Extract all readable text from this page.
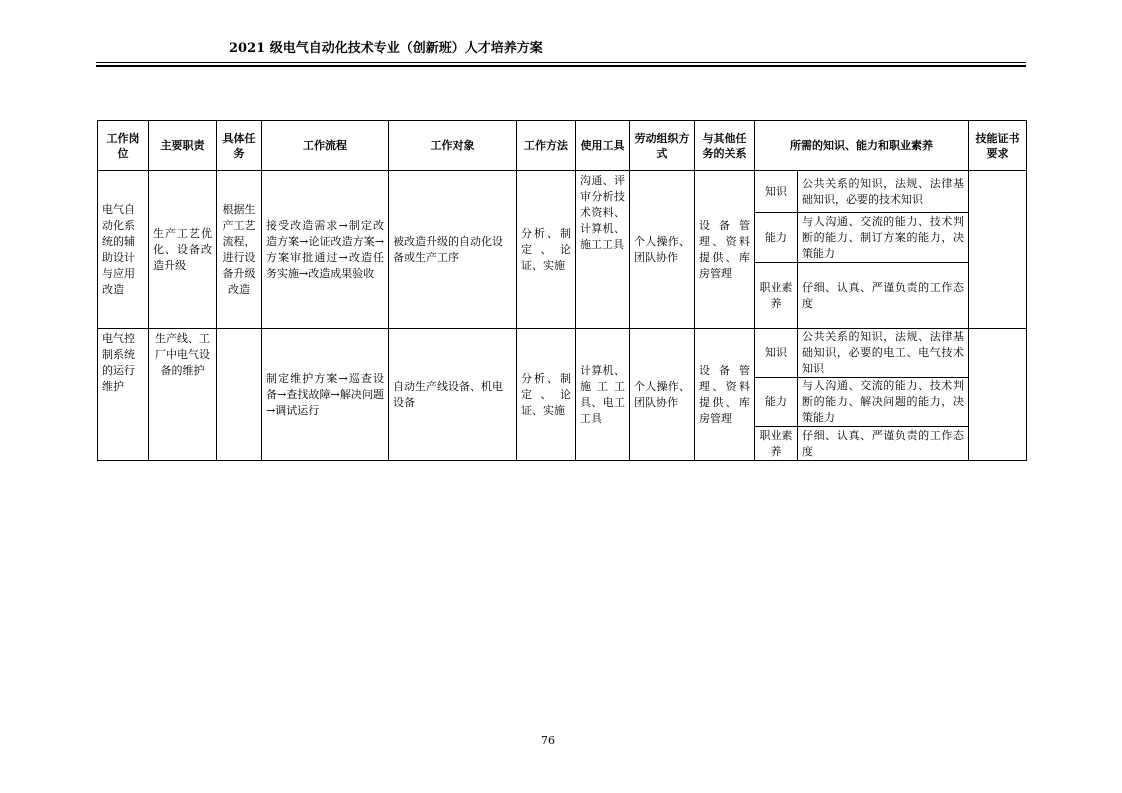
2021 级电气自动化技术专业（创新班）人才培养方案
工作岗位	主要职责	具体任务	工作流程	工作对象	工作方法	使用工具	劳动组织方式	与其他任务的关系	所需的知识、能力和职业素养		技能证书要求
电气自动化系统的辅助设计与应用改造	生产工艺优化、设备改造升级	根据生产工艺流程，进行设备升级改造	接受改造需求→制定改造方案→论证改造方案→方案审批通过→改造任务实施→改造成果验收	被改造升级的自动化设备或生产工序	分析、制定、论证、实施	沟通、评审分析技术资料、计算机、施工工具	个人操作、团队协作	设备管理、资料提供、库房管理	知识	公共关系的知识，法规、法律基础知识，必要的技术知识	
									能力	与人沟通、交流的能力、技术判断的能力、制订方案的能力，决策能力	
									职业素养	仔细、认真、严谨负责的工作态度	
电气控制系统的运行维护	生产线、工厂中电气设备的维护		制定维护方案→巡查设备→查找故障→解决问题→调试运行	自动生产线设备、机电设备	分析、制定、论证、实施	计算机、施工工具、电工工具	个人操作、团队协作	设备管理、资料提供、库房管理	知识	公共关系的知识，法规、法律基础知识，必要的电工、电气技术知识	
									能力	与人沟通、交流的能力、技术判断的能力、解决问题的能力，决策能力	
									职业素养	仔细、认真、严谨负责的工作态度	
76
